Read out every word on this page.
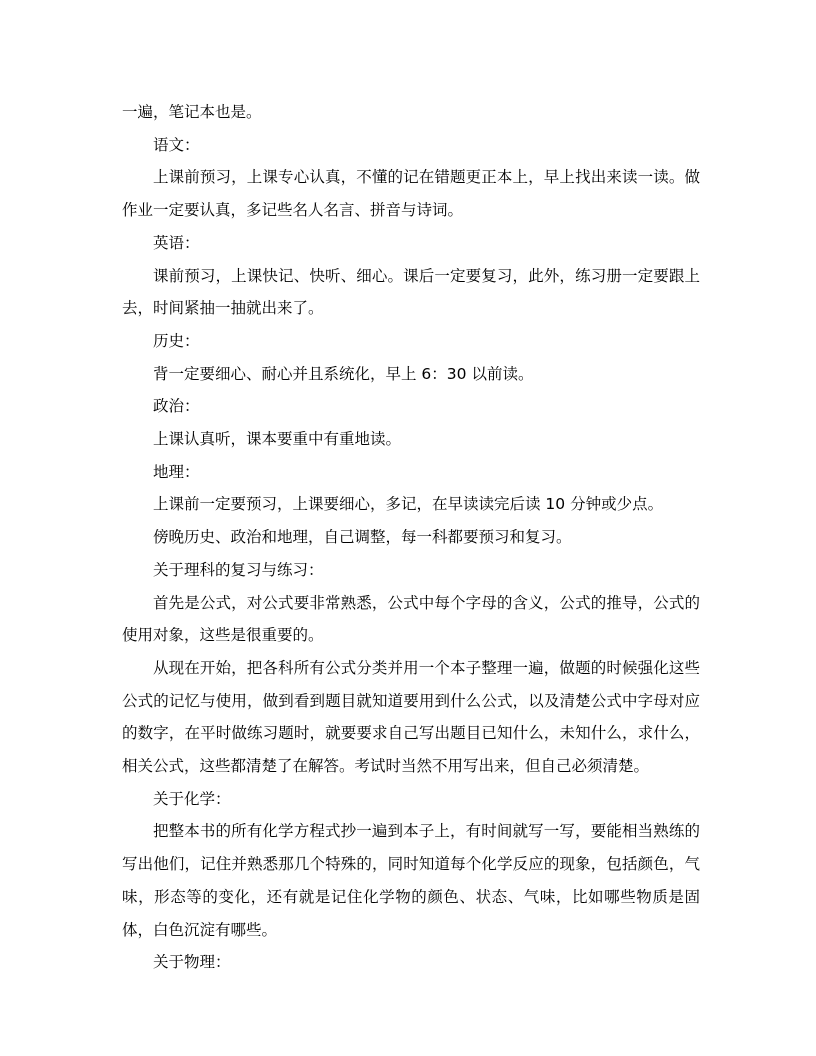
一遍，笔记本也是。

语文：

上课前预习，上课专心认真，不懂的记在错题更正本上，早上找出来读一读。做作业一定要认真，多记些名人名言、拼音与诗词。

英语：

课前预习，上课快记、快听、细心。课后一定要复习，此外，练习册一定要跟上去，时间紧抽一抽就出来了。

历史：

背一定要细心、耐心并且系统化，早上 6：30 以前读。

政治：

上课认真听，课本要重中有重地读。

地理：

上课前一定要预习，上课要细心，多记，在早读读完后读 10 分钟或少点。

傍晚历史、政治和地理，自己调整，每一科都要预习和复习。

关于理科的复习与练习：

首先是公式，对公式要非常熟悉，公式中每个字母的含义，公式的推导，公式的使用对象，这些是很重要的。

从现在开始，把各科所有公式分类并用一个本子整理一遍，做题的时候强化这些公式的记忆与使用，做到看到题目就知道要用到什么公式，以及清楚公式中字母对应的数字，在平时做练习题时，就要要求自己写出题目已知什么，未知什么，求什么，相关公式，这些都清楚了在解答。考试时当然不用写出来，但自己必须清楚。

关于化学：

把整本书的所有化学方程式抄一遍到本子上，有时间就写一写，要能相当熟练的写出他们，记住并熟悉那几个特殊的，同时知道每个化学反应的现象，包括颜色，气味，形态等的变化，还有就是记住化学物的颜色、状态、气味，比如哪些物质是固体，白色沉淀有哪些。

关于物理：
